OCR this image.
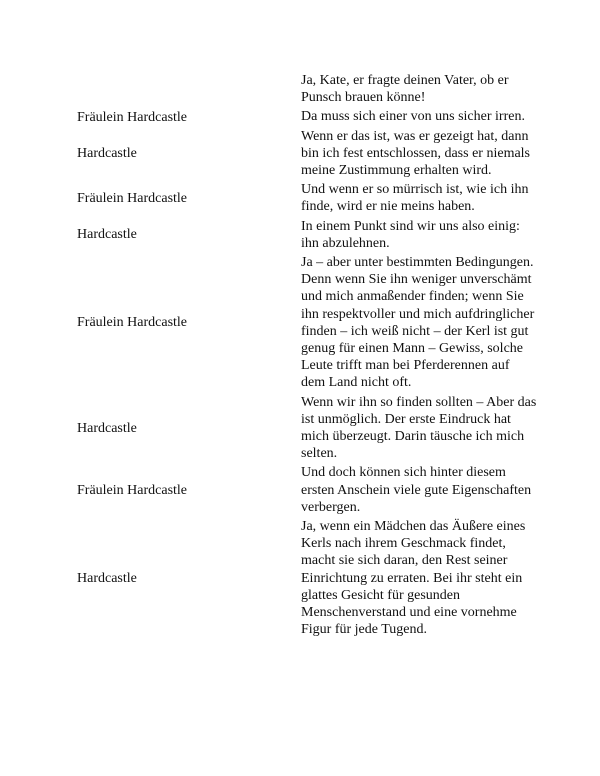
Ja, Kate, er fragte deinen Vater, ob er Punsch brauen könne!
Fräulein Hardcastle	Da muss sich einer von uns sicher irren.
Hardcastle
Wenn er das ist, was er gezeigt hat, dann bin ich fest entschlossen, dass er niemals meine Zustimmung erhalten wird.
Fräulein Hardcastle
Und wenn er so mürrisch ist, wie ich ihn finde, wird er nie meins haben.
Hardcastle
In einem Punkt sind wir uns also einig: ihn abzulehnen.
Fräulein Hardcastle
Ja – aber unter bestimmten Bedingungen. Denn wenn Sie ihn weniger unverschämt und mich anmaßender finden; wenn Sie ihn respektvoller und mich aufdringlicher finden – ich weiß nicht – der Kerl ist gut genug für einen Mann – Gewiss, solche Leute trifft man bei Pferderennen auf dem Land nicht oft.
Hardcastle
Wenn wir ihn so finden sollten – Aber das ist unmöglich. Der erste Eindruck hat mich überzeugt. Darin täusche ich mich selten.
Fräulein Hardcastle
Und doch können sich hinter diesem ersten Anschein viele gute Eigenschaften verbergen.
Hardcastle
Ja, wenn ein Mädchen das Äußere eines Kerls nach ihrem Geschmack findet, macht sie sich daran, den Rest seiner Einrichtung zu erraten. Bei ihr steht ein glattes Gesicht für gesunden Menschenverstand und eine vornehme Figur für jede Tugend.
